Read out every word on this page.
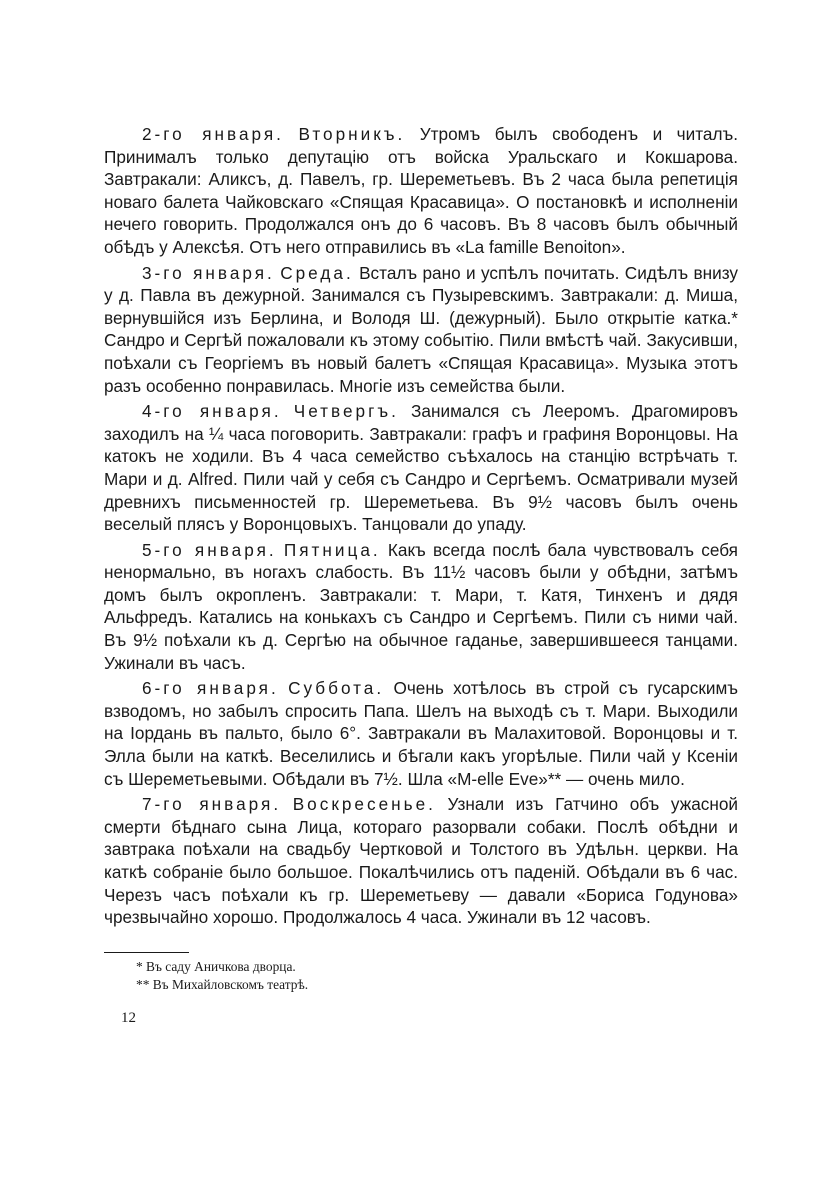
2-го января. Вторникъ. Утромъ былъ свободенъ и читалъ. Принималъ только депутацію отъ войска Уральскаго и Кокшарова. Завтракали: Аликсъ, д. Павелъ, гр. Шереметьевъ. Въ 2 часа была репетиція новаго балета Чайковскаго «Спящая Красавица». О постановкѣ и исполненіи нечего говорить. Продолжался онъ до 6 часовъ. Въ 8 часовъ былъ обычный обѣдъ у Алексѣя. Отъ него отправились въ «La famille Benoiton».

3-го января. Среда. Всталъ рано и успѣлъ почитать. Сидѣлъ внизу у д. Павла въ дежурной. Занимался съ Пузыревскимъ. Завтракали: д. Миша, вернувшійся изъ Берлина, и Володя Ш. (дежурный). Было открытіе катка.* Сандро и Сергѣй пожаловали къ этому событію. Пили вмѣстѣ чай. Закусивши, поѣхали съ Георгіемъ въ новый балетъ «Спящая Красавица». Музыка этотъ разъ особенно понравилась. Многіе изъ семейства были.

4-го января. Четвергъ. Занимался съ Лееромъ. Драгомировъ заходилъ на ¼ часа поговорить. Завтракали: графъ и графиня Воронцовы. На катокъ не ходили. Въ 4 часа семейство съѣхалось на станцію встрѣчать т. Мари и д. Alfred. Пили чай у себя съ Сандро и Сергѣемъ. Осматривали музей древнихъ письменностей гр. Шереметьева. Въ 9½ часовъ былъ очень веселый плясъ у Воронцовыхъ. Танцовали до упаду.

5-го января. Пятница. Какъ всегда послѣ бала чувствовалъ себя ненормально, въ ногахъ слабость. Въ 11½ часовъ были у обѣдни, затѣмъ домъ былъ окропленъ. Завтракали: т. Мари, т. Катя, Тинхенъ и дядя Альфредъ. Катались на конькахъ съ Сандро и Сергѣемъ. Пили съ ними чай. Въ 9½ поѣхали къ д. Сергѣю на обычное гаданье, завершившееся танцами. Ужинали въ часъ.

6-го января. Суббота. Очень хотѣлось въ строй съ гусарскимъ взводомъ, но забылъ спросить Папа. Шелъ на выходѣ съ т. Мари. Выходили на Іордань въ пальто, было 6°. Завтракали въ Малахитовой. Воронцовы и т. Элла были на каткѣ. Веселились и бѣгали какъ угорѣлые. Пили чай у Ксеніи съ Шереметьевыми. Обѣдали въ 7½. Шла «M-elle Eve»** — очень мило.

7-го января. Воскресенье. Узнали изъ Гатчино объ ужасной смерти бѣднаго сына Лица, котораго разорвали собаки. Послѣ обѣдни и завтрака поѣхали на свадьбу Чертковой и Толстого въ Удѣльн. церкви. На каткѣ собраніе было большое. Покалѣчились отъ паденій. Обѣдали въ 6 час. Черезъ часъ поѣхали къ гр. Шереметьеву — давали «Бориса Годунова» чрезвычайно хорошо. Продолжалось 4 часа. Ужинали въ 12 часовъ.

* Въ саду Аничкова дворца.

** Въ Михайловскомъ театрѣ.

12
